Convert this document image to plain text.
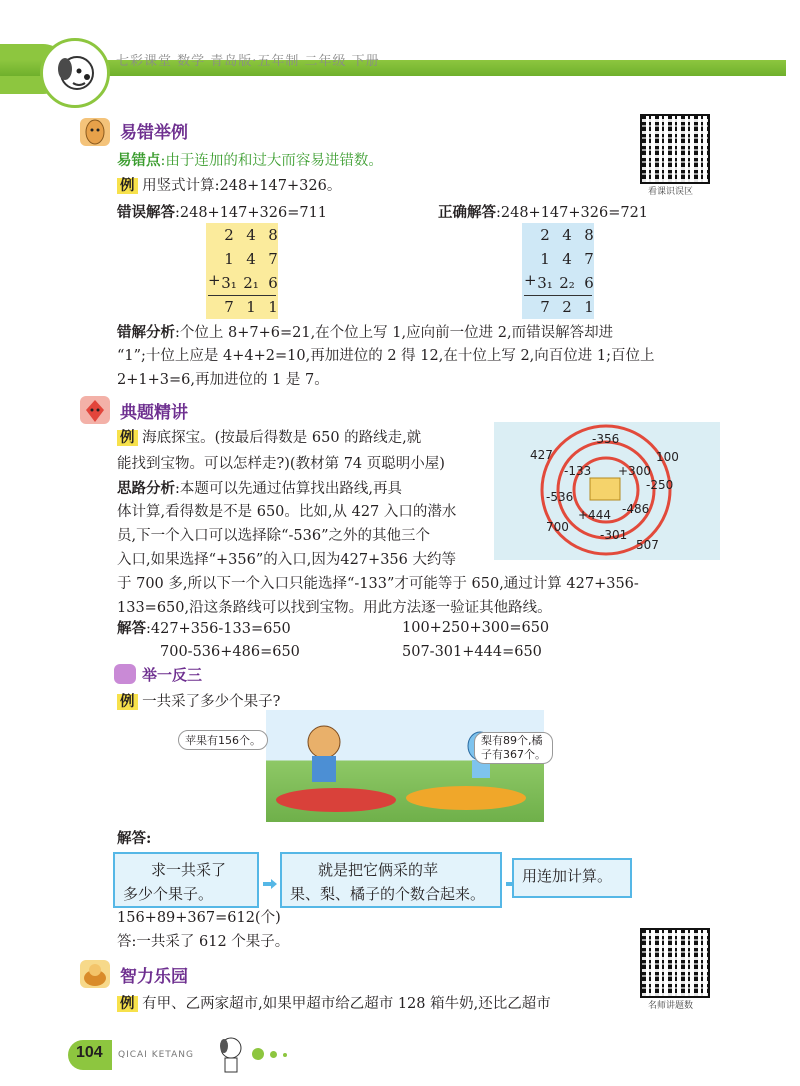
七彩课堂 数学 青岛版·五年制 二年级 下册
易错举例
看课识误区
易错点:由于连加的和过大而容易进错数。
例 用竖式计算:248+147+326。
错误解答:248+147+326=711	正确解答:248+147+326=721
+
2 4 8
1 4 7
3₁ 2₁ 6
7 1 1
+
2 4 8
1 4 7
3₁ 2₂ 6
7 2 1
错解分析:个位上 8+7+6=21,在个位上写 1,应向前一位进 2,而错误解答却进
“1”;十位上应是 4+4+2=10,再加进位的 2 得 12,在十位上写 2,向百位进 1;百位上
2+1+3=6,再加进位的 1 是 7。
典题精讲
例 海底探宝。(按最后得数是 650 的路线走,就
能找到宝物。可以怎样走?)(教材第 74 页聪明小屋)
思路分析:本题可以先通过估算找出路线,再具
体计算,看得数是不是 650。比如,从 427 入口的潜水
员,下一个入口可以选择除“-536”之外的其他三个
入口,如果选择“+356”的入口,因为427+356 大约等
于 700 多,所以下一个入口只能选择“-133”才可能等于 650,通过计算 427+356-
133=650,沿这条路线可以找到宝物。用此方法逐一验证其他路线。
-356
427	100
-133 +300
-250
-536
+444 -486
700
-301
507
解答:427+356-133=650	100+250+300=650
700-536+486=650	507-301+444=650
举一反三
例 一共采了多少个果子?
苹果有156个。	梨有89个,橘
子有367个。
解答:
求一共采了
多少个果子。
就是把它俩采的苹
果、梨、橘子的个数合起来。
用连加计算。
156+89+367=612(个)
答:一共采了 612 个果子。
名师讲题数
智力乐园
例 有甲、乙两家超市,如果甲超市给乙超市 128 箱牛奶,还比乙超市
104 QICAI KETANG
